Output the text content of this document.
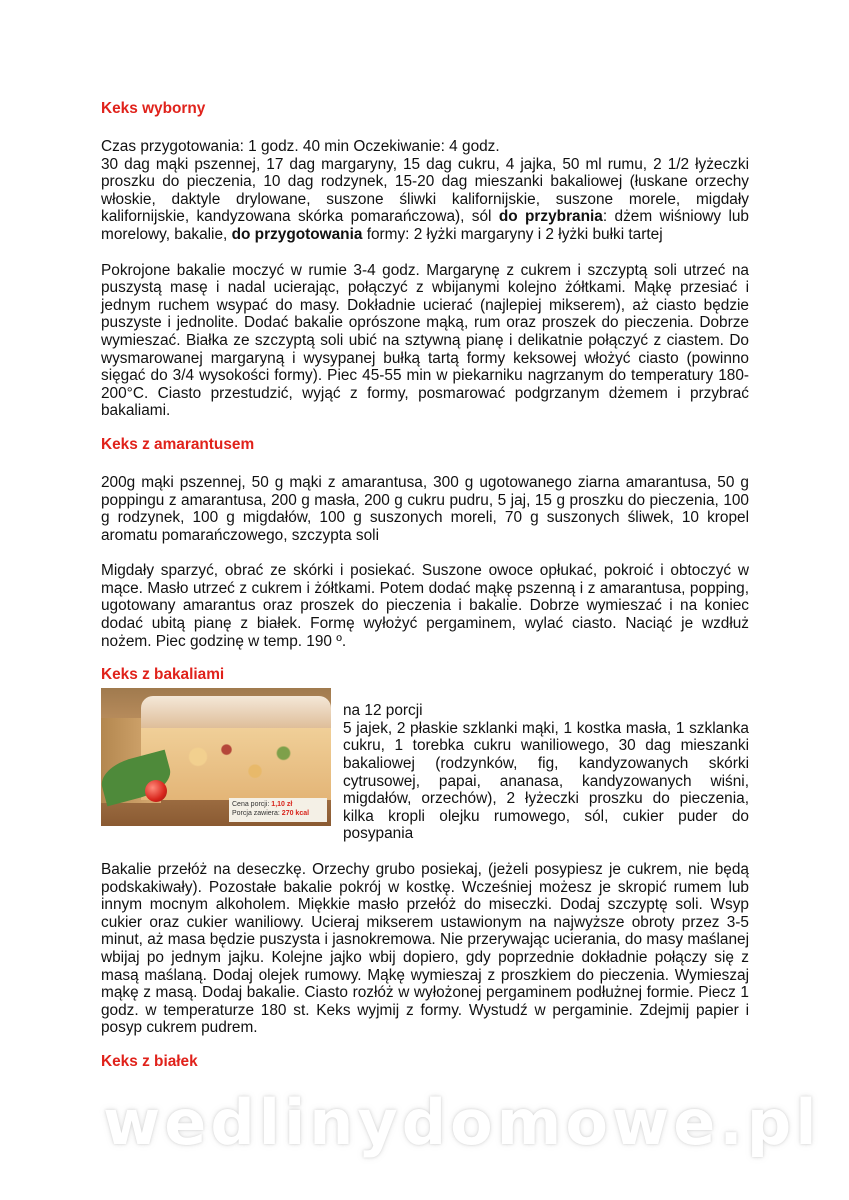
Keks wyborny

Czas przygotowania: 1 godz. 40 min Oczekiwanie: 4 godz.

30 dag mąki pszennej, 17 dag margaryny, 15 dag cukru, 4 jajka, 50 ml rumu, 2 1/2 łyżeczki proszku do pieczenia, 10 dag rodzynek, 15-20 dag mieszanki bakaliowej (łuskane orzechy włoskie, daktyle drylowane, suszone śliwki kalifornijskie, suszone morele, migdały kalifornijskie, kandyzowana skórka pomarańczowa), sól do przybrania: dżem wiśniowy lub morelowy, bakalie, do przygotowania formy: 2 łyżki margaryny i 2 łyżki bułki tartej

Pokrojone bakalie moczyć w rumie 3-4 godz. Margarynę z cukrem i szczyptą soli utrzeć na puszystą masę i nadal ucierając, połączyć z wbijanymi kolejno żółtkami. Mąkę przesiać i jednym ruchem wsypać do masy. Dokładnie ucierać (najlepiej mikserem), aż ciasto będzie puszyste i jednolite. Dodać bakalie oprószone mąką, rum oraz proszek do pieczenia. Dobrze wymieszać. Białka ze szczyptą soli ubić na sztywną pianę i delikatnie połączyć z ciastem. Do wysmarowanej margaryną i wysypanej bułką tartą formy keksowej włożyć ciasto (powinno sięgać do 3/4 wysokości formy). Piec 45-55 min w piekarniku nagrzanym do temperatury 180-200°C. Ciasto przestudzić, wyjąć z formy, posmarować podgrzanym dżemem i przybrać bakaliami.

Keks z amarantusem

200g mąki pszennej, 50 g mąki z amarantusa, 300 g ugotowanego ziarna amarantusa, 50 g poppingu z amarantusa, 200 g masła, 200 g cukru pudru, 5 jaj, 15 g proszku do pieczenia, 100 g rodzynek, 100 g migdałów, 100 g suszonych moreli, 70 g suszonych śliwek, 10 kropel aromatu pomarańczowego, szczypta soli

Migdały sparzyć, obrać ze skórki i posiekać. Suszone owoce opłukać, pokroić i obtoczyć w mące. Masło utrzeć z cukrem i żółtkami. Potem dodać mąkę pszenną i z amarantusa, popping, ugotowany amarantus oraz proszek do pieczenia i bakalie. Dobrze wymieszać i na koniec dodać ubitą pianę z białek. Formę wyłożyć pergaminem, wylać ciasto. Naciąć je wzdłuż nożem. Piec godzinę w temp. 190 º.

Keks z bakaliami
Cena porcji: 1,10 zł
Porcja zawiera: 270 kcal

na 12 porcji

5 jajek, 2 płaskie szklanki mąki, 1 kostka masła, 1 szklanka cukru, 1 torebka cukru waniliowego, 30 dag mieszanki bakaliowej (rodzynków, fig, kandyzowanych skórki cytrusowej, papai, ananasa, kandyzowanych wiśni, migdałów, orzechów), 2 łyżeczki proszku do pieczenia, kilka kropli olejku rumowego, sól, cukier puder do posypania

Bakalie przełóż na deseczkę. Orzechy grubo posiekaj, (jeżeli posypiesz je cukrem, nie będą podskakiwały). Pozostałe bakalie pokrój w kostkę. Wcześniej możesz je skropić rumem lub innym mocnym alkoholem. Miękkie masło przełóż do miseczki. Dodaj szczyptę soli. Wsyp cukier oraz cukier waniliowy. Ucieraj mikserem ustawionym na najwyższe obroty przez 3-5 minut, aż masa będzie puszysta i jasnokremowa. Nie przerywając ucierania, do masy maślanej wbijaj po jednym jajku. Kolejne jajko wbij dopiero, gdy poprzednie dokładnie połączy się z masą maślaną. Dodaj olejek rumowy. Mąkę wymieszaj z proszkiem do pieczenia. Wymieszaj mąkę z masą. Dodaj bakalie. Ciasto rozłóż w wyłożonej pergaminem podłużnej formie. Piecz 1 godz. w temperaturze 180 st. Keks wyjmij z formy. Wystudź w pergaminie. Zdejmij papier i posyp cukrem pudrem.

Keks z białek
wedlinydomowe.pl
